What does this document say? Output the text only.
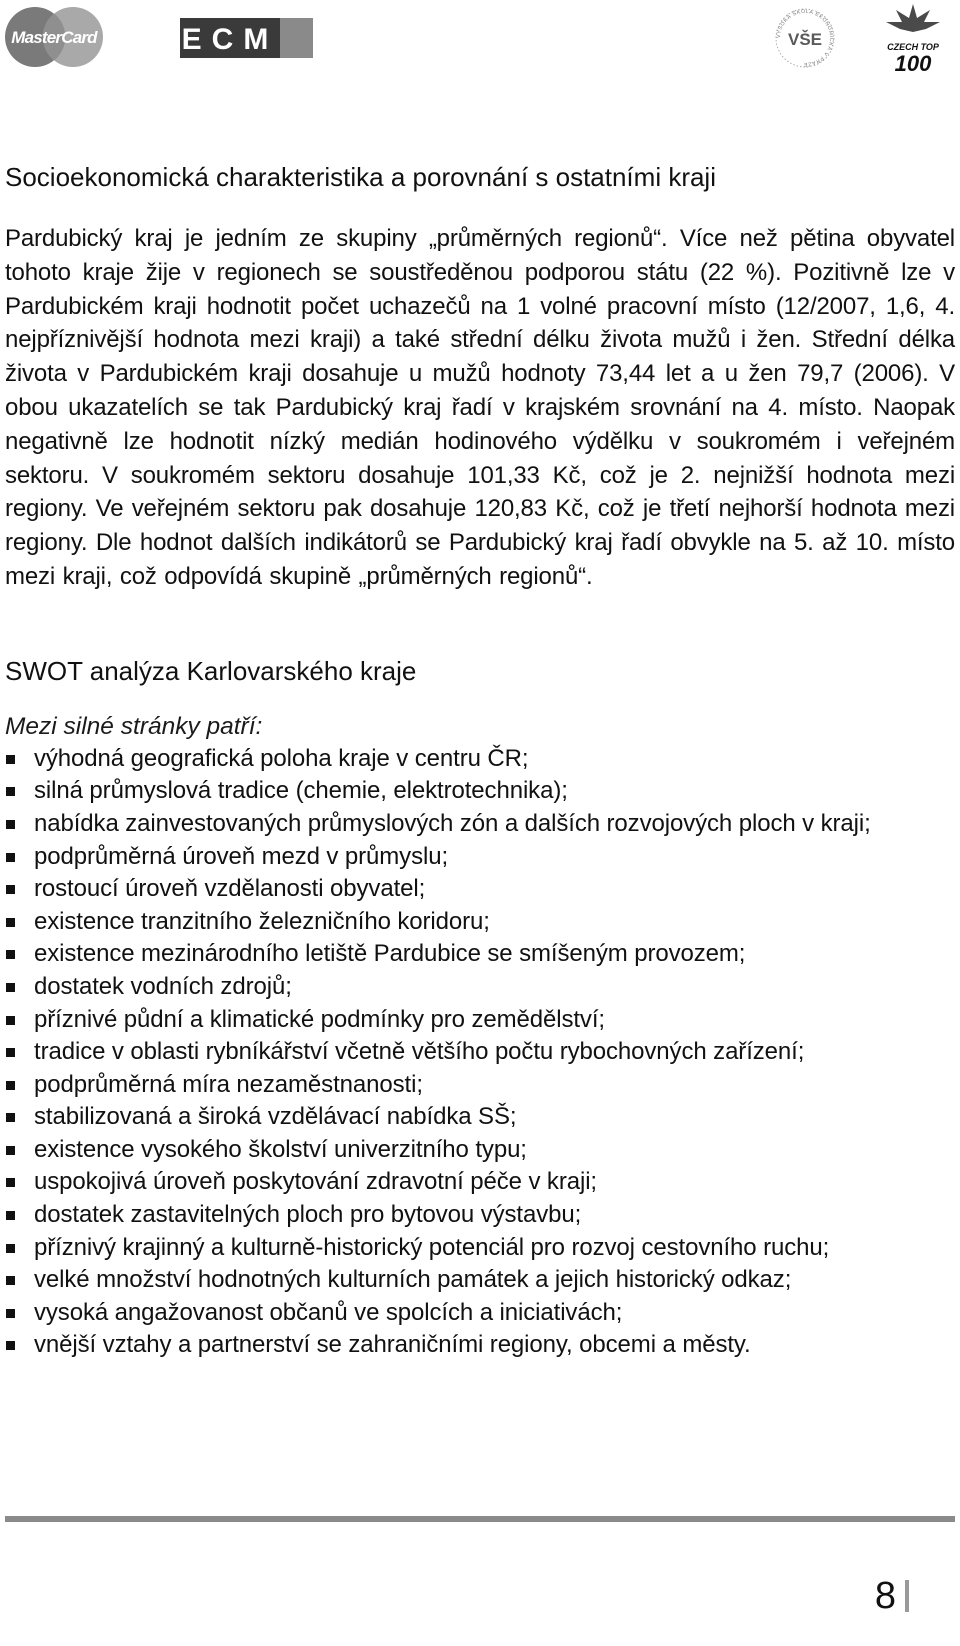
MasterCard	ECM	VYSOKÁ ŠKOLA EKONOMICKÁ V PRAZE
VŠE	CZECH TOP
100
Socioekonomická charakteristika a porovnání s ostatními kraji

Pardubický kraj je jedním ze skupiny „průměrných regionů“. Více než pětina obyvatel tohoto kraje žije v regionech se soustředěnou podporou státu (22 %). Pozitivně lze v Pardubickém kraji hodnotit počet uchazečů na 1 volné pracovní místo (12/2007, 1,6, 4. nejpříznivější hodnota mezi kraji) a také střední délku života mužů i žen. Střední délka života v Pardubickém kraji dosahuje u mužů hodnoty 73,44 let a u žen 79,7 (2006). V obou ukazatelích se tak Pardubický kraj řadí v krajském srovnání na 4. místo. Naopak negativně lze hodnotit nízký medián hodinového výdělku v soukromém i veřejném sektoru. V soukromém sektoru dosahuje 101,33 Kč, což je 2. nejnižší hodnota mezi regiony. Ve veřejném sektoru pak dosahuje 120,83 Kč, což je třetí nejhorší hodnota mezi regiony. Dle hodnot dalších indikátorů se Pardubický kraj řadí obvykle na 5. až 10. místo mezi kraji, což odpovídá skupině „průměrných regionů“.

SWOT analýza Karlovarského kraje

Mezi silné stránky patří:

výhodná geografická poloha kraje v centru ČR;
silná průmyslová tradice (chemie, elektrotechnika);
nabídka zainvestovaných průmyslových zón a dalších rozvojových ploch v kraji;
podprůměrná úroveň mezd v průmyslu;
rostoucí úroveň vzdělanosti obyvatel;
existence tranzitního železničního koridoru;
existence mezinárodního letiště Pardubice se smíšeným provozem;
dostatek vodních zdrojů;
příznivé půdní a klimatické podmínky pro zemědělství;
tradice v oblasti rybníkářství včetně většího počtu rybochovných zařízení;
podprůměrná míra nezaměstnanosti;
stabilizovaná a široká vzdělávací nabídka SŠ;
existence vysokého školství univerzitního typu;
uspokojivá úroveň poskytování zdravotní péče v kraji;
dostatek zastavitelných ploch pro bytovou výstavbu;
příznivý krajinný a kulturně-historický potenciál pro rozvoj cestovního ruchu;
velké množství hodnotných kulturních památek a jejich historický odkaz;
vysoká angažovanost občanů ve spolcích a iniciativách;
vnější vztahy a partnerství se zahraničními regiony, obcemi a městy.
8
